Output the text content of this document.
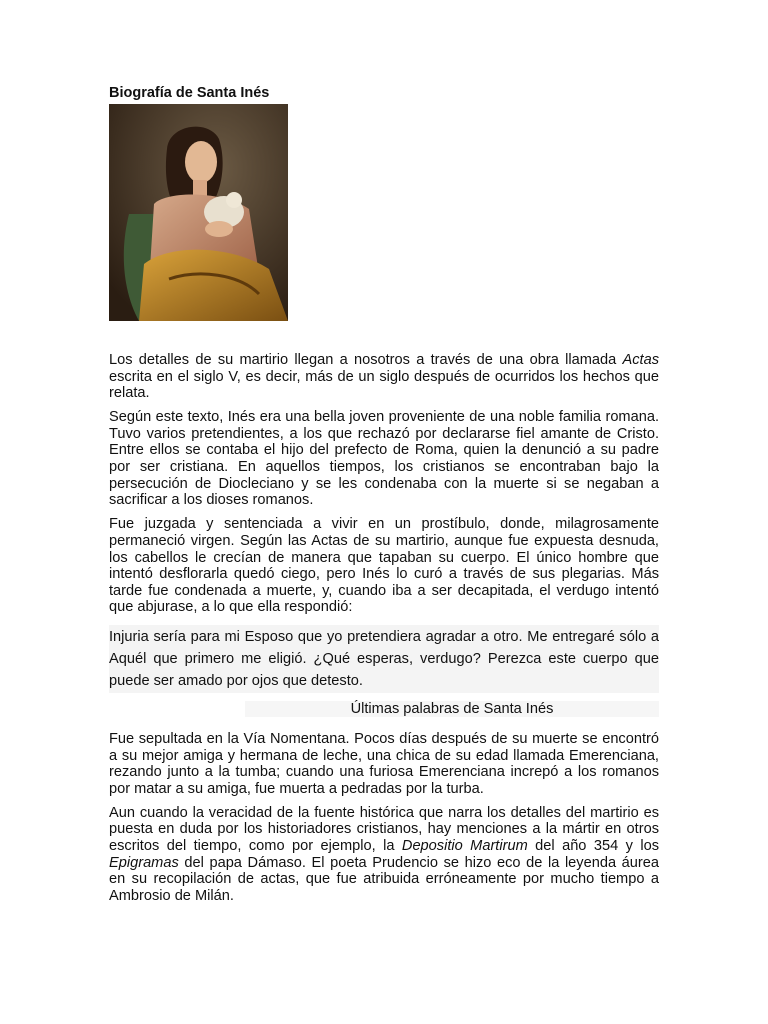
Biografía de Santa Inés

Los detalles de su martirio llegan a nosotros a través de una obra llamada Actas escrita en el siglo V, es decir, más de un siglo después de ocurridos los hechos que relata.

Según este texto, Inés era una bella joven proveniente de una noble familia romana. Tuvo varios pretendientes, a los que rechazó por declararse fiel amante de Cristo. Entre ellos se contaba el hijo del prefecto de Roma, quien la denunció a su padre por ser cristiana. En aquellos tiempos, los cristianos se encontraban bajo la persecución de Diocleciano y se les condenaba con la muerte si se negaban a sacrificar a los dioses romanos.

Fue juzgada y sentenciada a vivir en un prostíbulo, donde, milagrosamente permaneció virgen. Según las Actas de su martirio, aunque fue expuesta desnuda, los cabellos le crecían de manera que tapaban su cuerpo. El único hombre que intentó desflorarla quedó ciego, pero Inés lo curó a través de sus plegarias. Más tarde fue condenada a muerte, y, cuando iba a ser decapitada, el verdugo intentó que abjurase, a lo que ella respondió:

Injuria sería para mi Esposo que yo pretendiera agradar a otro. Me entregaré sólo a Aquél que primero me eligió. ¿Qué esperas, verdugo? Perezca este cuerpo que puede ser amado por ojos que detesto.
Últimas palabras de Santa Inés

Fue sepultada en la Vía Nomentana. Pocos días después de su muerte se encontró a su mejor amiga y hermana de leche, una chica de su edad llamada Emerenciana, rezando junto a la tumba; cuando una furiosa Emerenciana increpó a los romanos por matar a su amiga, fue muerta a pedradas por la turba.

Aun cuando la veracidad de la fuente histórica que narra los detalles del martirio es puesta en duda por los historiadores cristianos, hay menciones a la mártir en otros escritos del tiempo, como por ejemplo, la Depositio Martirum del año 354 y los Epigramas del papa Dámaso. El poeta Prudencio se hizo eco de la leyenda áurea en su recopilación de actas, que fue atribuida erróneamente por mucho tiempo a Ambrosio de Milán.
